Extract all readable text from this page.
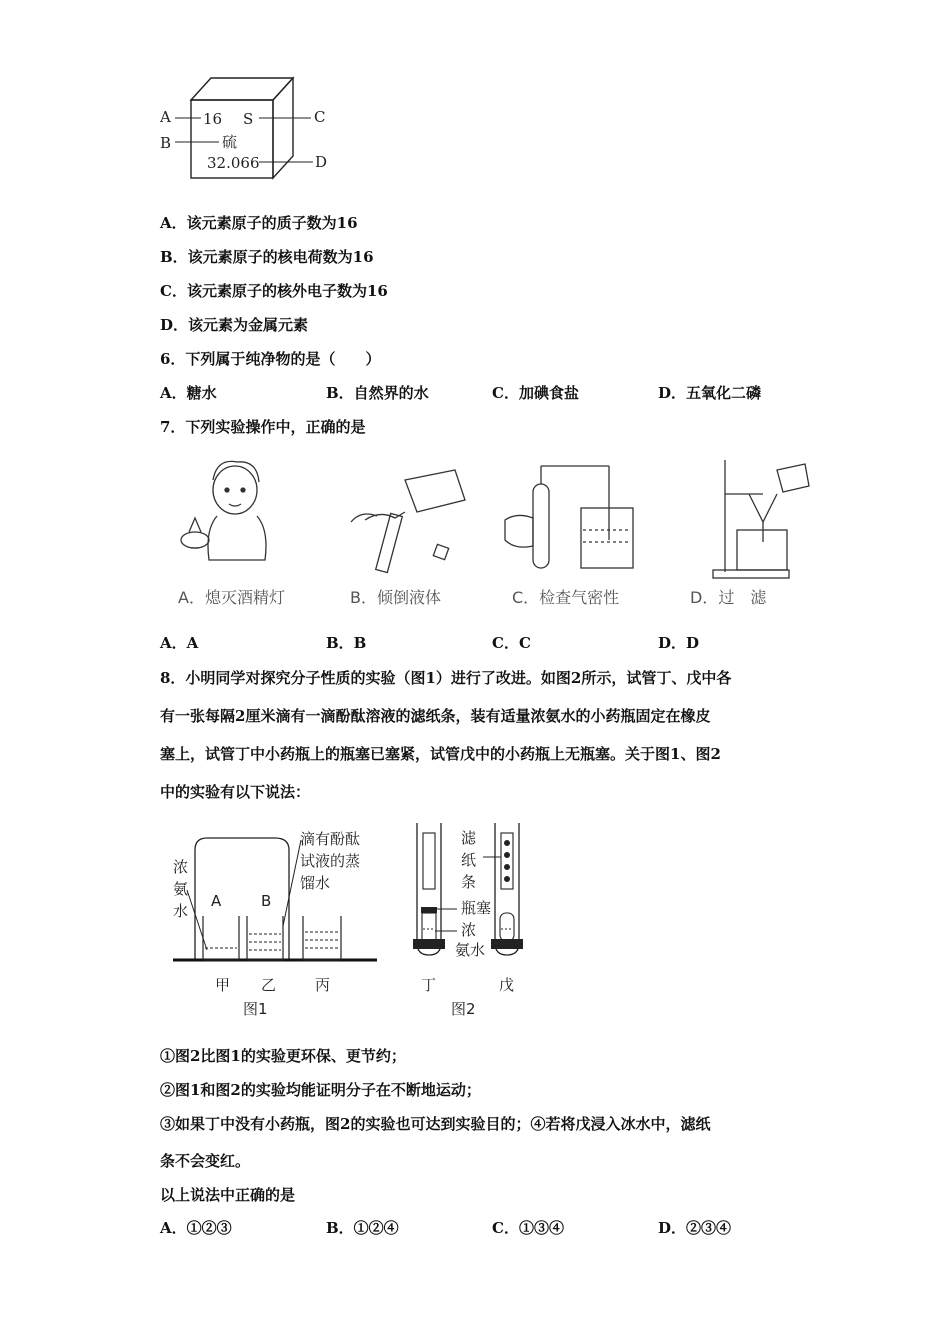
A
B
C
D
16 S
硫
32.066
A．该元素原子的质子数为16
B．该元素原子的核电荷数为16
C．该元素原子的核外电子数为16
D．该元素为金属元素
6．下列属于纯净物的是（　　）
A．糖水	B．自然界的水	C．加碘食盐	D．五氧化二磷
7．下列实验操作中，正确的是
A．熄灭酒精灯	B．倾倒液体	C．检查气密性	D．过　滤
A．A	B．B	C．C	D．D
8．小明同学对探究分子性质的实验（图1）进行了改进。如图2所示，试管丁、戊中各
有一张每隔2厘米滴有一滴酚酞溶液的滤纸条，装有适量浓氨水的小药瓶固定在橡皮
塞上，试管丁中小药瓶上的瓶塞已塞紧，试管戊中的小药瓶上无瓶塞。关于图1、图2
中的实验有以下说法：
浓
氨
水
A	B
滴有酚酞
试液的蒸
馏水
甲 乙	丙
图1
滤
纸
条
瓶塞
浓
氨水
丁	戊
图2
①图2比图1的实验更环保、更节约；
②图1和图2的实验均能证明分子在不断地运动；
③如果丁中没有小药瓶，图2的实验也可达到实验目的；④若将戊浸入冰水中，滤纸
条不会变红。
以上说法中正确的是
A．①②③	B．①②④	C．①③④	D．②③④
